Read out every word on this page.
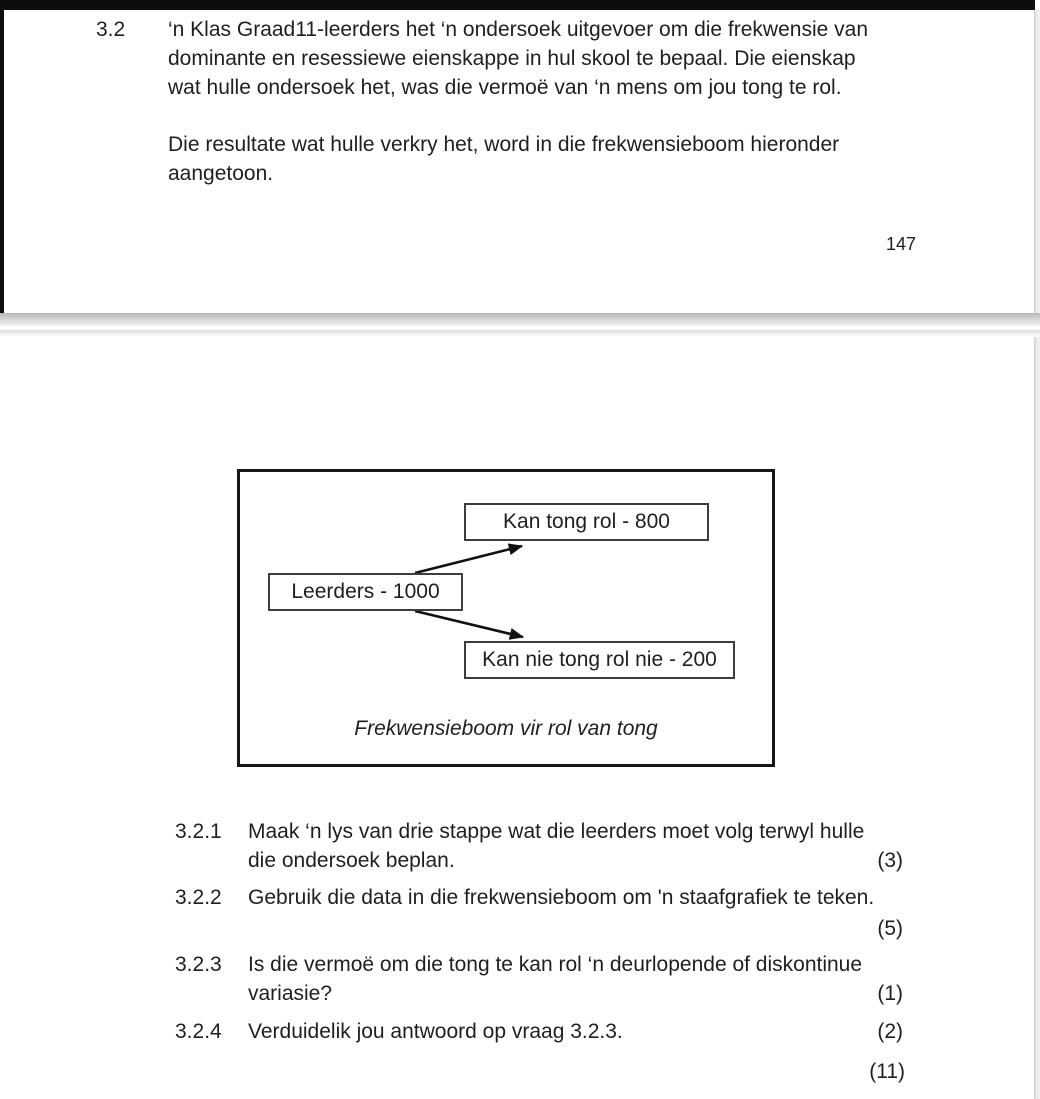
3.2 ‘n Klas Graad11-leerders het ‘n ondersoek uitgevoer om die frekwensie van
dominante en resessiewe eienskappe in hul skool te bepaal. Die eienskap
wat hulle ondersoek het, was die vermoë van ‘n mens om jou tong te rol.
Die resultate wat hulle verkry het, word in die frekwensieboom hieronder
aangetoon.
147
Kan tong rol - 800
Leerders - 1000
Kan nie tong rol nie - 200
Frekwensieboom vir rol van tong
3.2.1 Maak ‘n lys van drie stappe wat die leerders moet volg terwyl hulle
die ondersoek beplan.	(3)
3.2.2 Gebruik die data in die frekwensieboom om 'n staafgrafiek te teken.
(5)
3.2.3 Is die vermoë om die tong te kan rol ‘n deurlopende of diskontinue
variasie?	(1)
3.2.4 Verduidelik jou antwoord op vraag 3.2.3.	(2)
(11)
